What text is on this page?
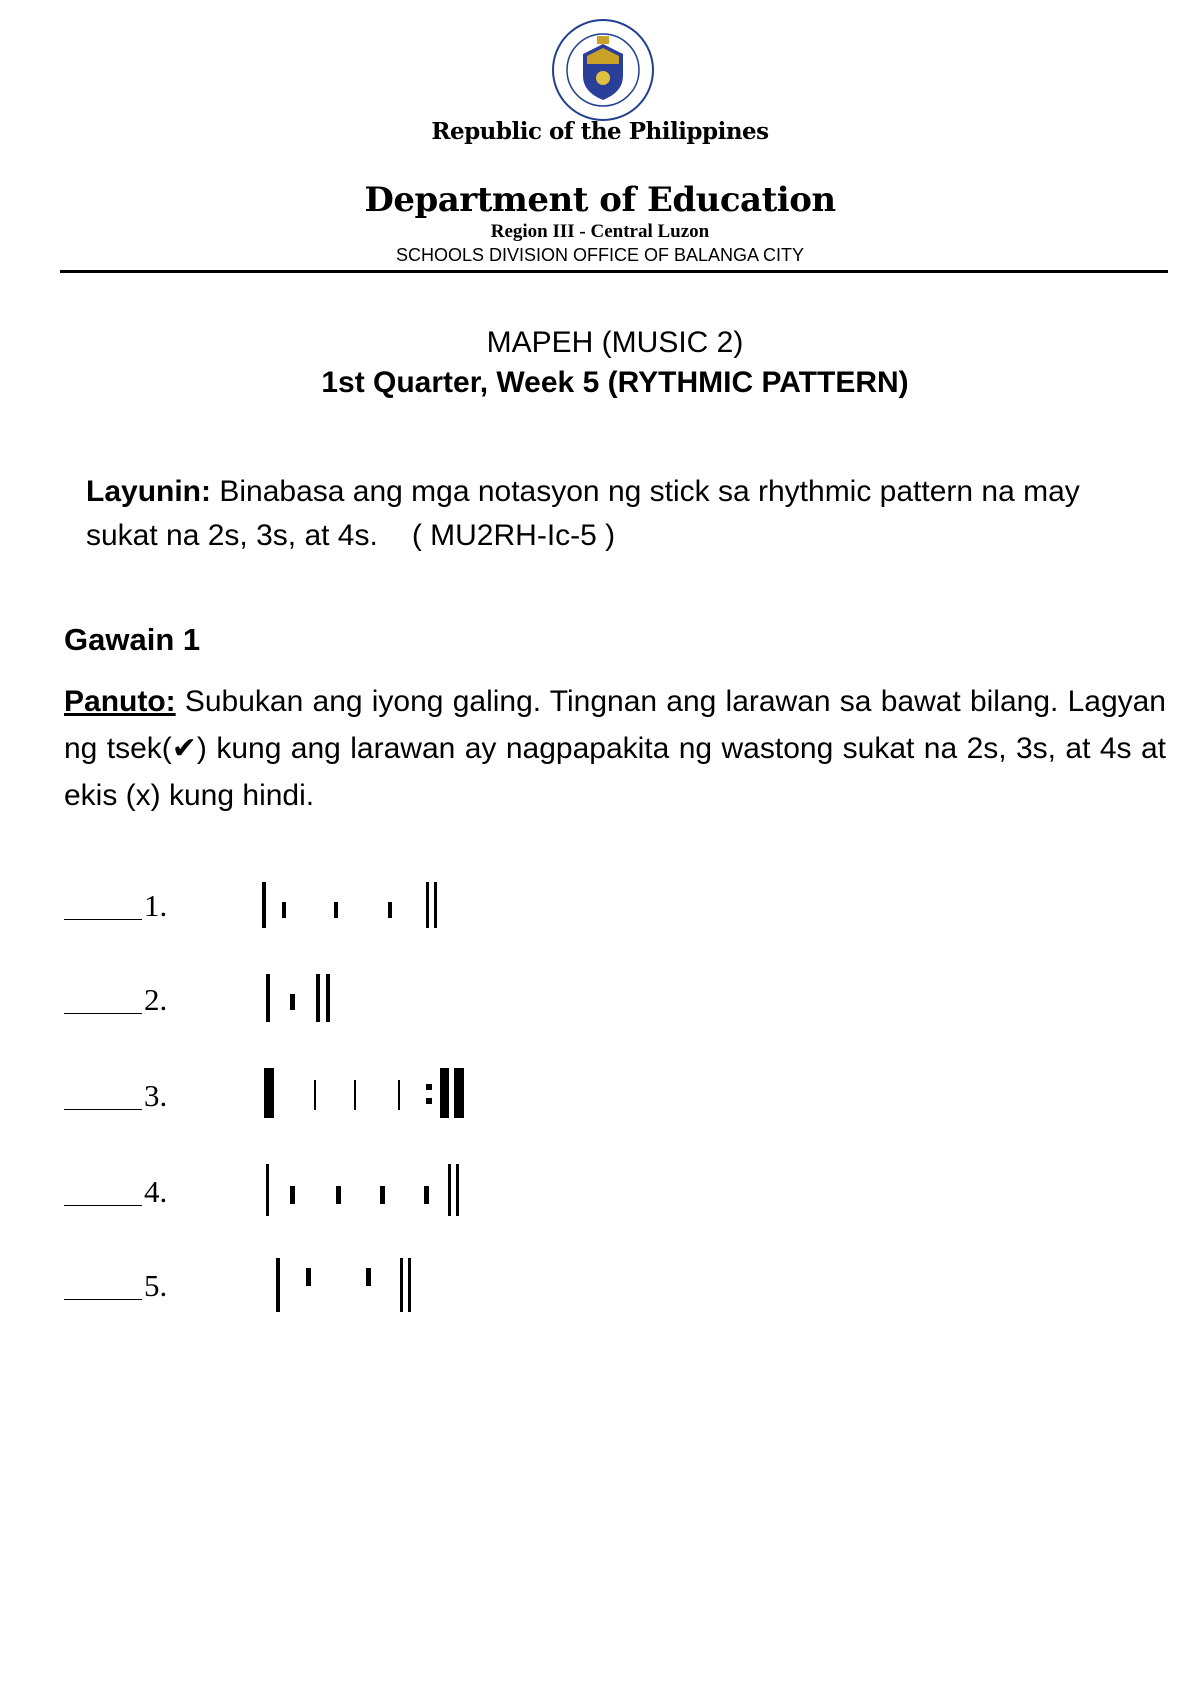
Republic of the Philippines
Department of Education
Region III - Central Luzon
SCHOOLS DIVISION OFFICE OF BALANGA CITY
MAPEH (MUSIC 2)
1st Quarter, Week 5 (RYTHMIC PATTERN)
Layunin: Binabasa ang mga notasyon ng stick sa rhythmic pattern na may sukat na 2s, 3s, at 4s. ( MU2RH-Ic-5 )
Gawain 1
Panuto: Subukan ang iyong galing. Tingnan ang larawan sa bawat bilang. Lagyan ng tsek(✔) kung ang larawan ay nagpapakita ng wastong sukat na 2s, 3s, at 4s at ekis (x) kung hindi.
1.
2.
3.
4.
5.
